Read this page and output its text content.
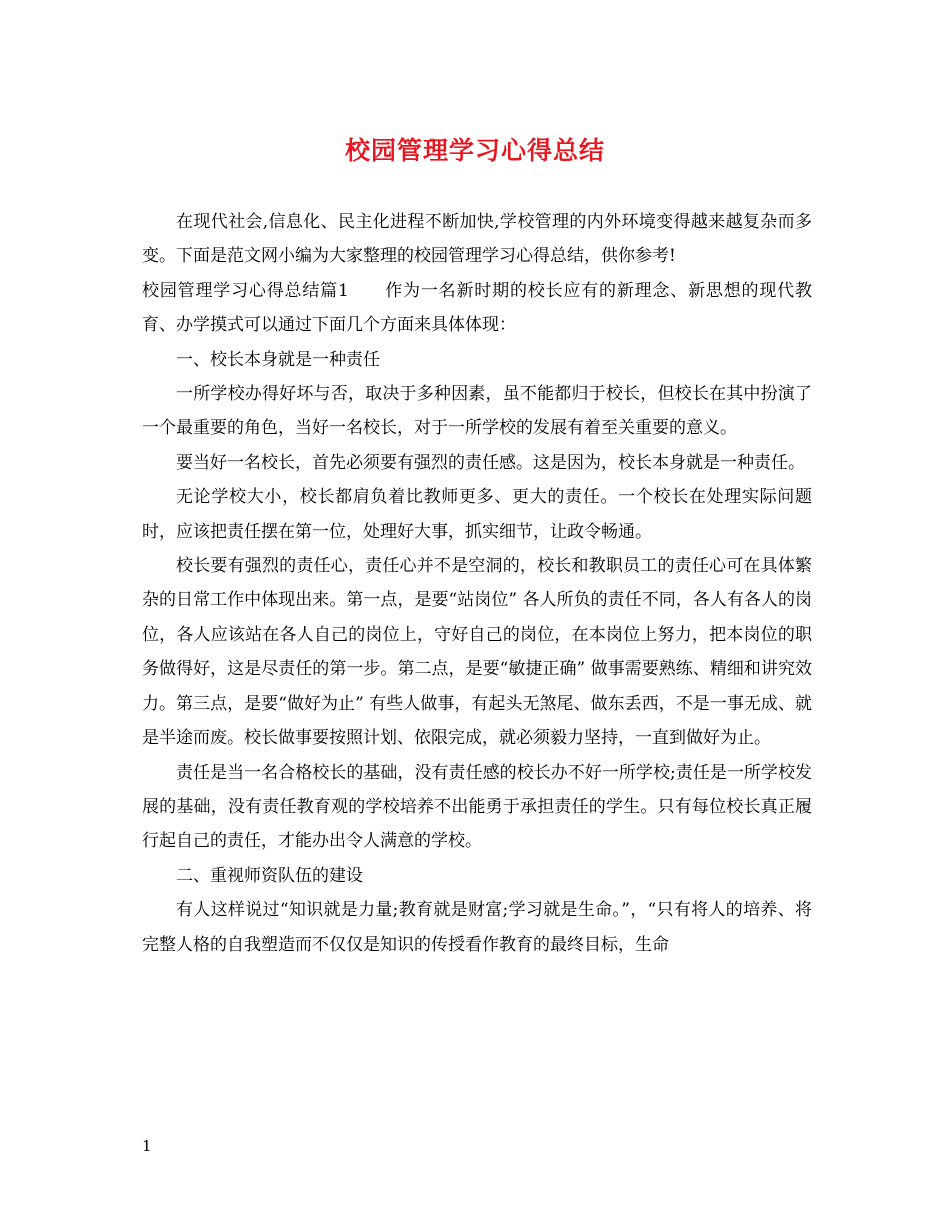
校园管理学习心得总结

在现代社会,信息化、民主化进程不断加快,学校管理的内外环境变得越来越复杂而多变。下面是范文网小编为大家整理的校园管理学习心得总结，供你参考!

校园管理学习心得总结篇1　　作为一名新时期的校长应有的新理念、新思想的现代教育、办学摸式可以通过下面几个方面来具体体现：

一、校长本身就是一种责任

一所学校办得好坏与否，取决于多种因素，虽不能都归于校长，但校长在其中扮演了一个最重要的角色，当好一名校长，对于一所学校的发展有着至关重要的意义。

要当好一名校长，首先必须要有强烈的责任感。这是因为，校长本身就是一种责任。

无论学校大小，校长都肩负着比教师更多、更大的责任。一个校长在处理实际问题时，应该把责任摆在第一位，处理好大事，抓实细节，让政令畅通。

校长要有强烈的责任心，责任心并不是空洞的，校长和教职员工的责任心可在具体繁杂的日常工作中体现出来。第一点，是要“站岗位” 各人所负的责任不同，各人有各人的岗位，各人应该站在各人自己的岗位上，守好自己的岗位，在本岗位上努力，把本岗位的职务做得好，这是尽责任的第一步。第二点，是要“敏捷正确” 做事需要熟练、精细和讲究效力。第三点，是要“做好为止” 有些人做事，有起头无煞尾、做东丢西，不是一事无成、就是半途而废。校长做事要按照计划、依限完成，就必须毅力坚持，一直到做好为止。

责任是当一名合格校长的基础，没有责任感的校长办不好一所学校;责任是一所学校发展的基础，没有责任教育观的学校培养不出能勇于承担责任的学生。只有每位校长真正履行起自己的责任，才能办出令人满意的学校。

二、重视师资队伍的建设

有人这样说过“知识就是力量;教育就是财富;学习就是生命。”，“只有将人的培养、将完整人格的自我塑造而不仅仅是知识的传授看作教育的最终目标，生命

1
